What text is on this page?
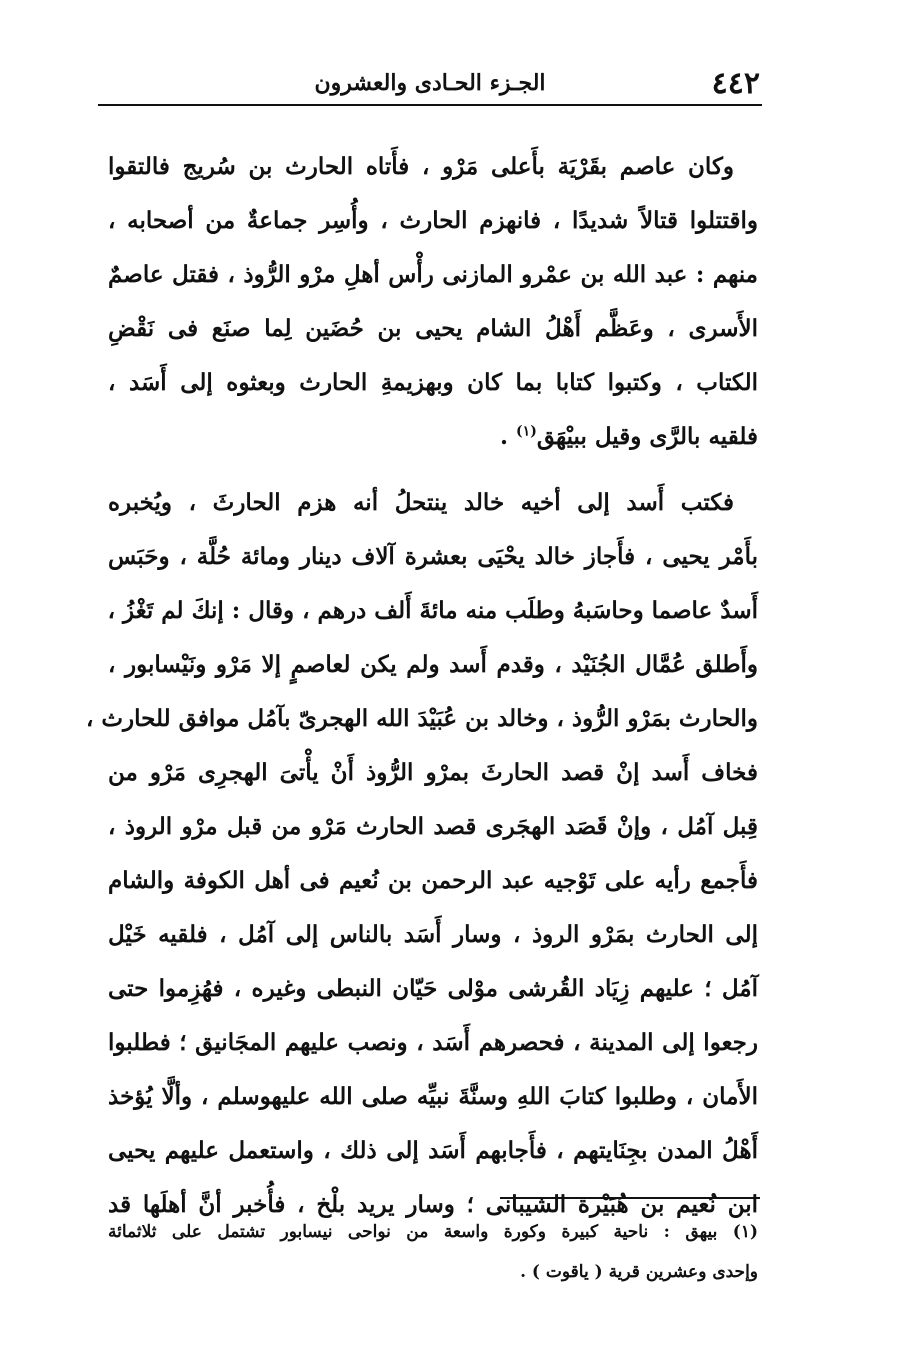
٤٤٢
الجـزء الحـادى والعشرون
وكان عاصم بقَرْيَة بأَعلى مَرْو ، فأَتاه الحارث بن سُريج فالتقوا
واقتتلوا قتالاً شديدًا ، فانهزم الحارث ، وأُسِر جماعةٌ من أصحابه ،
منهم : عبد الله بن عمْرو المازنى رأْس أهلِ مرْو الرُّوذ ، فقتل عاصمٌ
الأَسرى ، وعَظَّم أَهْلُ الشام يحيى بن حُضَين لِما صنَع فى نَقْضِ
الكتاب ، وكتبوا كتابا بما كان وبهزيمةِ الحارث وبعثوه إلى أَسَد ،
فلقيه بالرَّى وقيل ببيْهَق$^{(١)}$ .
فكتب أَسد إلى أخيه خالد ينتحلُ أنه هزم الحارثَ ، ويُخبره
بأَمْر يحيى ، فأَجاز خالد يحْيَى بعشرة آلاف دينار ومائة حُلَّة ، وحَبَس
أَسدٌ عاصما وحاسَبهُ وطلَب منه مائةَ أَلف درهم ، وقال : إنكَ لم تَغْزُ ،
وأَطلق عُمَّال الجُنَيْد ، وقدم أَسد ولم يكن لعاصمٍ إلا مَرْو ونَيْسابور ،
والحارث بمَرْو الرُّوذ ، وخالد بن عُبَيْدَ الله الهجرىّ بآمُل موافق للحارث ،
فخاف أَسد إنْ قصد الحارثَ بمرْو الرُّوذ أَنْ يأْتىَ الهجرِى مَرْو من
قِبل آمُل ، وإنْ قَصَد الهجَرى قصد الحارث مَرْو من قبل مرْو الروذ ،
فأَجمع رأيه على تَوْجيه عبد الرحمن بن نُعيم فى أهل الكوفة والشام
إلى الحارث بمَرْو الروذ ، وسار أَسَد بالناس إلى آمُل ، فلقيه خَيْل
آمُل ؛ عليهم زِيَاد القُرشى موْلى حَيّان النبطى وغيره ، فهُزِموا حتى
رجعوا إلى المدينة ، فحصرهم أَسَد ، ونصب عليهم المجَانيق ؛ فطلبوا
الأَمان ، وطلبوا كتابَ اللهِ وسنَّةَ نبيِّه صلى الله عليهوسلم ، وألَّا يُؤخذ
أَهْلُ المدن بجِنَايتهم ، فأَجابهم أَسَد إلى ذلك ، واستعمل عليهم يحيى
ابن نُعيم بن هُبَيْرة الشيبانى ؛ وسار يريد بلْخ ، فأُخبر أنَّ أهلَها قد
(١) بيهق : ناحية كبيرة وكورة واسعة من نواحى نيسابور تشتمل على ثلاثمائة
وإحدى وعشرين قرية ( ياقوت ) .
